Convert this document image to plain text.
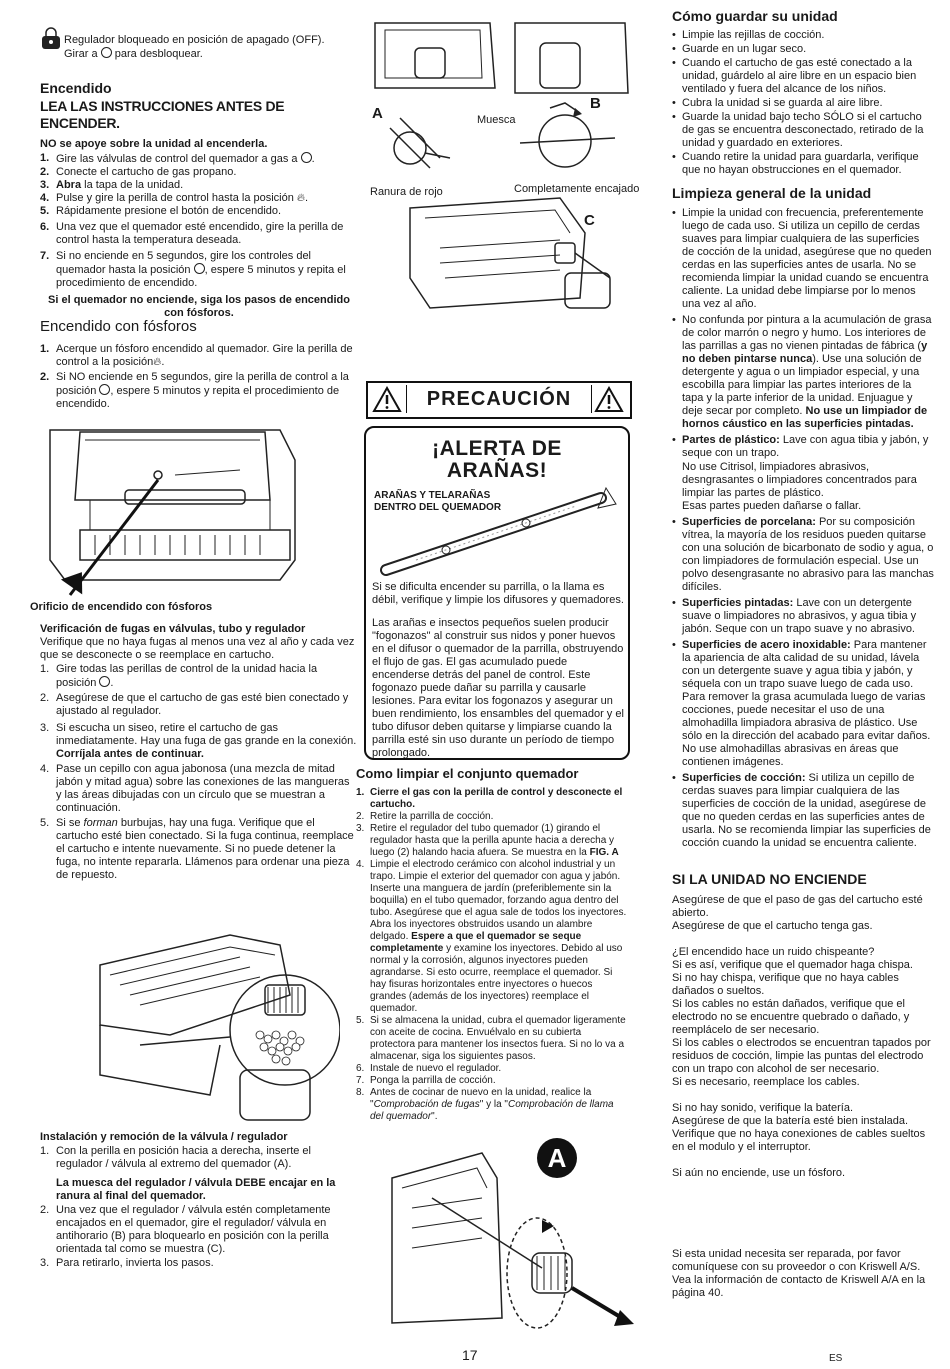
Regulador bloqueado en posición de apagado (OFF).

Girar a para desbloquear.

Encendido

LEA LAS INSTRUCCIONES ANTES DE ENCENDER.

NO se apoye sobre la unidad al encenderla.

1. Gire las válvulas de control del quemador a gas a .
2. Conecte el cartucho de gas propano.
3. Abra la tapa de la unidad.
4. Pulse y gire la perilla de control hasta la posición 🔥︎.
5. Rápidamente presione el botón de encendido.
6. Una vez que el quemador esté encendido, gire la perilla de control hasta la temperatura deseada.
7. Si no enciende en 5 segundos, gire los controles del quemador hasta la posición , espere 5 minutos y repita el procedimiento de encendido.

Si el quemador no enciende, siga los pasos de encendido con fósforos.

Encendido con fósforos

1. Acerque un fósforo encendido al quemador. Gire la perilla de control a la posición🔥︎.
2. Si NO enciende en 5 segundos, gire la perilla de control a la posición , espere 5 minutos y repita el procedimiento de encendido.

Orificio de encendido con fósforos

Verificación de fugas en válvulas, tubo y regulador

Verifique que no haya fugas al menos una vez al año y cada vez que se desconecte o se reemplace en cartucho.

1. Gire todas las perillas de control de la unidad hacia la posición .
2. Asegúrese de que el cartucho de gas esté bien conectado y ajustado al regulador.
3. Si escucha un siseo, retire el cartucho de gas inmediatamente. Hay una fuga de gas grande en la conexión. Corríjala antes de continuar.
4. Pase un cepillo con agua jabonosa (una mezcla de mitad jabón y mitad agua) sobre las conexiones de las mangueras y las áreas dibujadas con un círculo que se muestran a continuación.
5. Si se forman burbujas, hay una fuga. Verifique que el cartucho esté bien conectado. Si la fuga continua, reemplace el cartucho e intente nuevamente. Si no puede detener la fuga, no intente repararla. Llámenos para ordenar una pieza de repuesto.

Instalación y remoción de la válvula / regulador

1. Con la perilla en posición hacia a derecha, inserte el regulador / válvula al extremo del quemador (A).

La muesca del regulador / válvula DEBE encajar en la ranura al final del quemador.

2. Una vez que el regulador / válvula estén completamente encajados en el quemador, gire el regulador/ válvula en antihorario (B) para bloquearlo en posición con la perilla orientada tal como se muestra (C).
3. Para retirarlo, invierta los pasos.
A
B
C
Muesca
Ranura de rojo	Completamente encajado
PRECAUCIÓN
¡ALERTA DE
ARAÑAS!

ARAÑAS Y TELARAÑAS

DENTRO DEL QUEMADOR

Si se dificulta encender su parrilla, o la llama es débil, verifique y limpie los difusores y quemadores.

Las arañas e insectos pequeños suelen producir "fogonazos" al construir sus nidos y poner huevos en el difusor o quemador de la parrilla, obstruyendo el flujo de gas. El gas acumulado puede encenderse detrás del panel de control. Este fogonazo puede dañar su parrilla y causarle lesiones. Para evitar los fogonazos y asegurar un buen rendimiento, los ensambles del quemador y el tubo difusor deben quitarse y limpiarse cuando la parrilla esté sin uso durante un período de tiempo prolongado.

Como limpiar el conjunto quemador

1. Cierre el gas con la perilla de control y desconecte el cartucho.
2. Retire la parrilla de cocción.
3. Retire el regulador del tubo quemador (1) girando el regulador hasta que la perilla apunte hacia a derecha y luego (2) halando hacia afuera. Se muestra en la FIG. A
4. Limpie el electrodo cerámico con alcohol industrial y un trapo. Limpie el exterior del quemador con agua y jabón. Inserte una manguera de jardín (preferiblemente sin la boquilla) en el tubo quemador, forzando agua dentro del tubo. Asegúrese que el agua sale de todos los inyectores. Abra los inyectores obstruidos usando un alambre delgado. Espere a que el quemador se seque completamente y examine los inyectores. Debido al uso normal y la corrosión, algunos inyectores pueden agrandarse. Si esto ocurre, reemplace el quemador. Si hay fisuras horizontales entre inyectores o huecos grandes (además de los inyectores) reemplace el quemador.
5. Si se almacena la unidad, cubra el quemador ligeramente con aceite de cocina. Envuélvalo en su cubierta protectora para mantener los insectos fuera. Si no lo va a almacenar, siga los siguientes pasos.
6. Instale de nuevo el regulador.
7. Ponga la parrilla de cocción.
8. Antes de cocinar de nuevo en la unidad, realice la "Comprobación de fugas" y la "Comprobación de llama del quemador".
A

Cómo guardar su unidad

• Limpie las rejillas de cocción.
• Guarde en un lugar seco.
• Cuando el cartucho de gas esté conectado a la unidad, guárdelo al aire libre en un espacio bien ventilado y fuera del alcance de los niños.
• Cubra la unidad si se guarda al aire libre.
• Guarde la unidad bajo techo SÓLO si el cartucho de gas se encuentra desconectado, retirado de la unidad y guardado en exteriores.
• Cuando retire la unidad para guardarla, verifique que no hayan obstrucciones en el quemador.

Limpieza general de la unidad

• Limpie la unidad con frecuencia, preferentemente luego de cada uso. Si utiliza un cepillo de cerdas suaves para limpiar cualquiera de las superficies de cocción de la unidad, asegúrese que no queden cerdas en las superficies antes de usarla. No se recomienda limpiar la unidad cuando se encuentra caliente. La unidad debe limpiarse por lo menos una vez al año.
• No confunda por pintura a la acumulación de grasa de color marrón o negro y humo. Los interiores de las parrillas a gas no vienen pintadas de fábrica (y no deben pintarse nunca). Use una solución de detergente y agua o un limpiador especial, y una escobilla para limpiar las partes interiores de la tapa y la parte inferior de la unidad. Enjuague y deje secar por completo. No use un limpiador de hornos cáustico en las superficies pintadas.
• Partes de plástico: Lave con agua tibia y jabón, y seque con un trapo.

No use Citrisol, limpiadores abrasivos, desngrasantes o limpiadores concentrados para limpiar las partes de plástico.

Esas partes pueden dañarse o fallar.

• Superficies de porcelana: Por su composición vítrea, la mayoría de los residuos pueden quitarse con una solución de bicarbonato de sodio y agua, o con limpiadores de formulación especial. Use un polvo desengrasante no abrasivo para las manchas difíciles.
• Superficies pintadas: Lave con un detergente suave o limpiadores no abrasivos, y agua tibia y jabón. Seque con un trapo suave y no abrasivo.
• Superficies de acero inoxidable: Para mantener la apariencia de alta calidad de su unidad, lávela con un detergente suave y agua tibia y jabón, y séquela con un trapo suave luego de cada uso. Para remover la grasa acumulada luego de varias cocciones, puede necesitar el uso de una almohadilla limpiadora abrasiva de plástico. Use sólo en la dirección del acabado para evitar daños. No use almohadillas abrasivas en áreas que contienen imágenes.
• Superficies de cocción: Si utiliza un cepillo de cerdas suaves para limpiar cualquiera de las superficies de cocción de la unidad, asegúrese de que no queden cerdas en las superficies antes de usarla. No se recomienda limpiar las superficies de cocción cuando la unidad se encuentra caliente.

SI LA UNIDAD NO ENCIENDE

Asegúrese de que el paso de gas del cartucho esté abierto.

Asegúrese de que el cartucho tenga gas.

¿El encendido hace un ruido chispeante?

Si es así, verifique que el quemador haga chispa.

Si no hay chispa, verifique que no haya cables dañados o sueltos.

Si los cables no están dañados, verifique que el electrodo no se encuentre quebrado o dañado, y reemplácelo de ser necesario.

Si los cables o electrodos se encuentran tapados por residuos de cocción, limpie las puntas del electrodo con un trapo con alcohol de ser necesario.

Si es necesario, reemplace los cables.

Si no hay sonido, verifique la batería.

Asegúrese de que la batería esté bien instalada.

Verifique que no haya conexiones de cables sueltos en el modulo y el interruptor.

Si aún no enciende, use un fósforo.

Si esta unidad necesita ser reparada, por favor comuníquese con su proveedor o con Kriswell A/S. Vea la información de contacto de Kriswell A/A en la página 40.

17	ES
